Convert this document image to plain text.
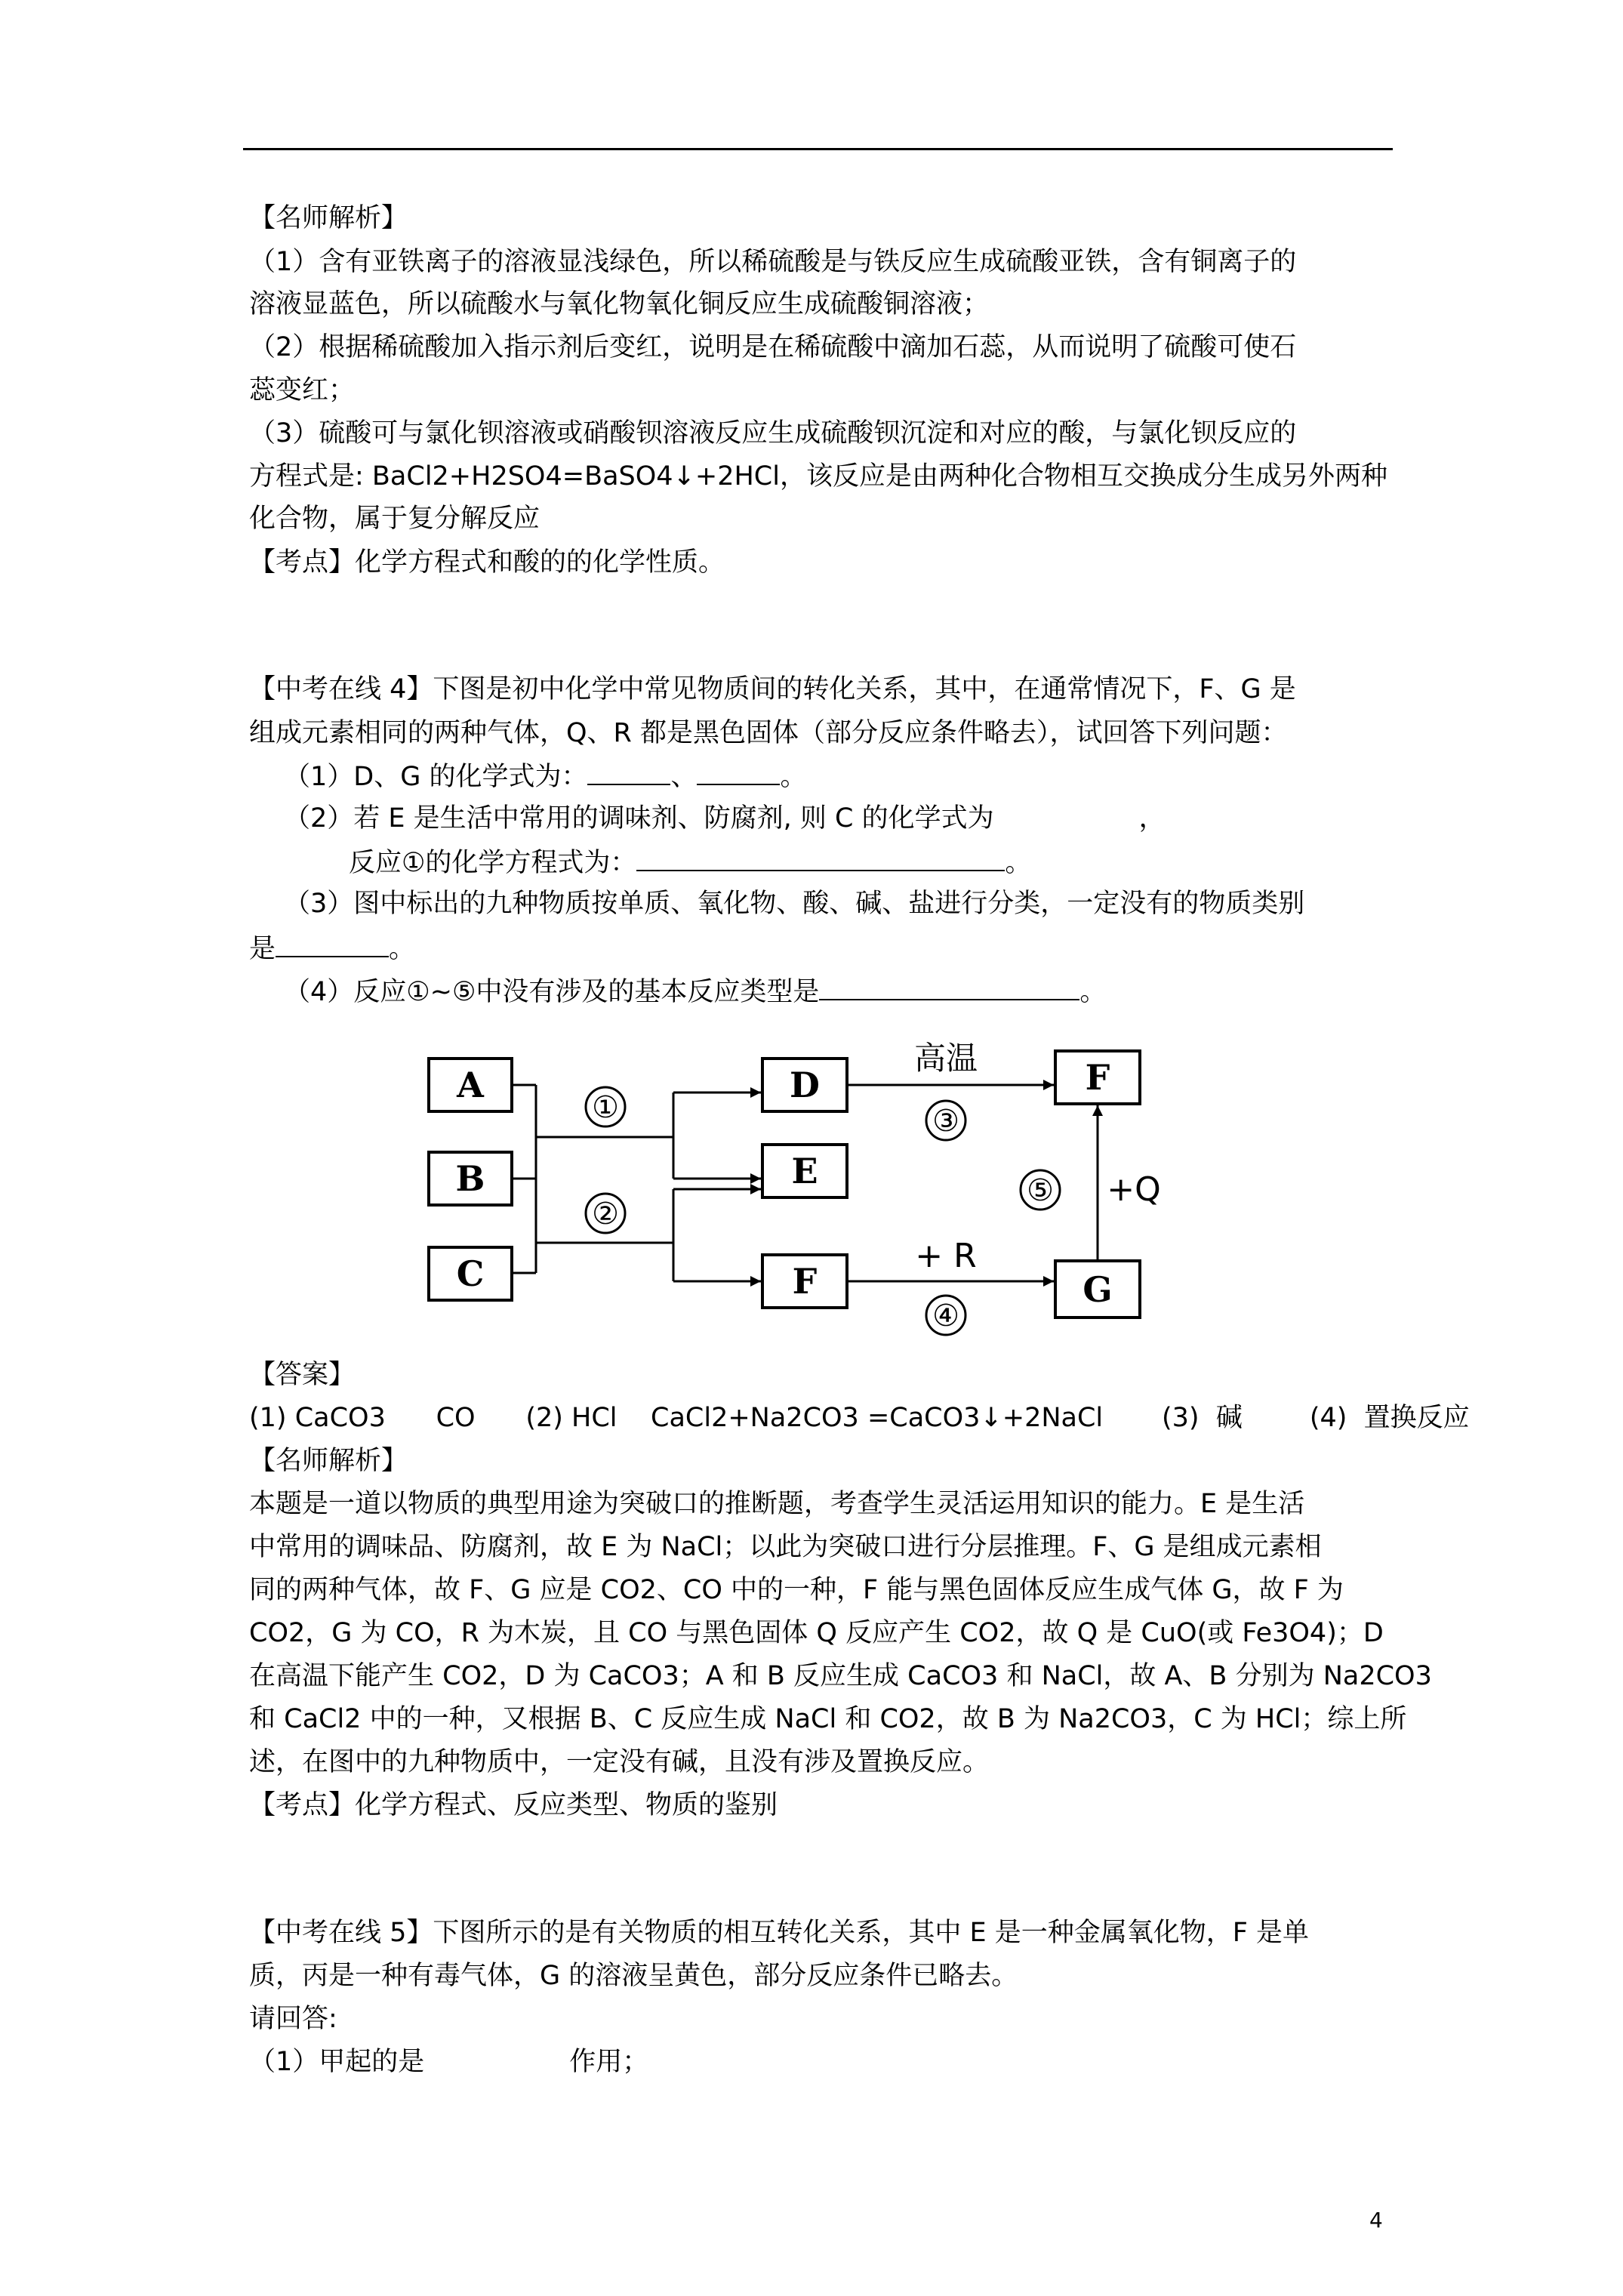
【名师解析】
（1）含有亚铁离子的溶液显浅绿色，所以稀硫酸是与铁反应生成硫酸亚铁，含有铜离子的
溶液显蓝色，所以硫酸水与氧化物氧化铜反应生成硫酸铜溶液；
（2）根据稀硫酸加入指示剂后变红，说明是在稀硫酸中滴加石蕊，从而说明了硫酸可使石
蕊变红；
（3）硫酸可与氯化钡溶液或硝酸钡溶液反应生成硫酸钡沉淀和对应的酸，与氯化钡反应的
方程式是: BaCl2+H2SO4=BaSO4↓+2HCl，该反应是由两种化合物相互交换成分生成另外两种
化合物，属于复分解反应
【考点】化学方程式和酸的的化学性质。
【中考在线 4】下图是初中化学中常见物质间的转化关系，其中，在通常情况下，F、G 是
组成元素相同的两种气体，Q、R 都是黑色固体（部分反应条件略去），试回答下列问题：
（1）D、G 的化学式为：	、	。
（2）若 E 是生活中常用的调味剂、防腐剂, 则 C 的化学式为	，
反应①的化学方程式为：	。
（3）图中标出的九种物质按单质、氧化物、酸、碱、盐进行分类，一定没有的物质类别
是	。
（4）反应①~⑤中没有涉及的基本反应类型是	。
A
B
C
D
E
F
F
G
①
②
③
④
⑤
高温
+ R
+Q
【答案】
(1) CaCO3      CO      (2) HCl    CaCl2+Na2CO3 =CaCO3↓+2NaCl       (3)  碱        (4)  置换反应
【名师解析】
本题是一道以物质的典型用途为突破口的推断题，考查学生灵活运用知识的能力。E 是生活
中常用的调味品、防腐剂，故 E 为 NaCl；以此为突破口进行分层推理。F、G 是组成元素相
同的两种气体，故 F、G 应是 CO2、CO 中的一种，F 能与黑色固体反应生成气体 G，故 F 为
CO2，G 为 CO，R 为木炭，且 CO 与黑色固体 Q 反应产生 CO2，故 Q 是 CuO(或 Fe3O4)；D
在高温下能产生 CO2，D 为 CaCO3；A 和 B 反应生成 CaCO3 和 NaCl，故 A、B 分别为 Na2CO3
和 CaCl2 中的一种，又根据 B、C 反应生成 NaCl 和 CO2，故 B 为 Na2CO3，C 为 HCl；综上所
述，在图中的九种物质中，一定没有碱，且没有涉及置换反应。
【考点】化学方程式、反应类型、物质的鉴别
【中考在线 5】下图所示的是有关物质的相互转化关系，其中 E 是一种金属氧化物，F 是单
质，丙是一种有毒气体，G 的溶液呈黄色，部分反应条件已略去。
请回答:
（1）甲起的是	作用；
4
